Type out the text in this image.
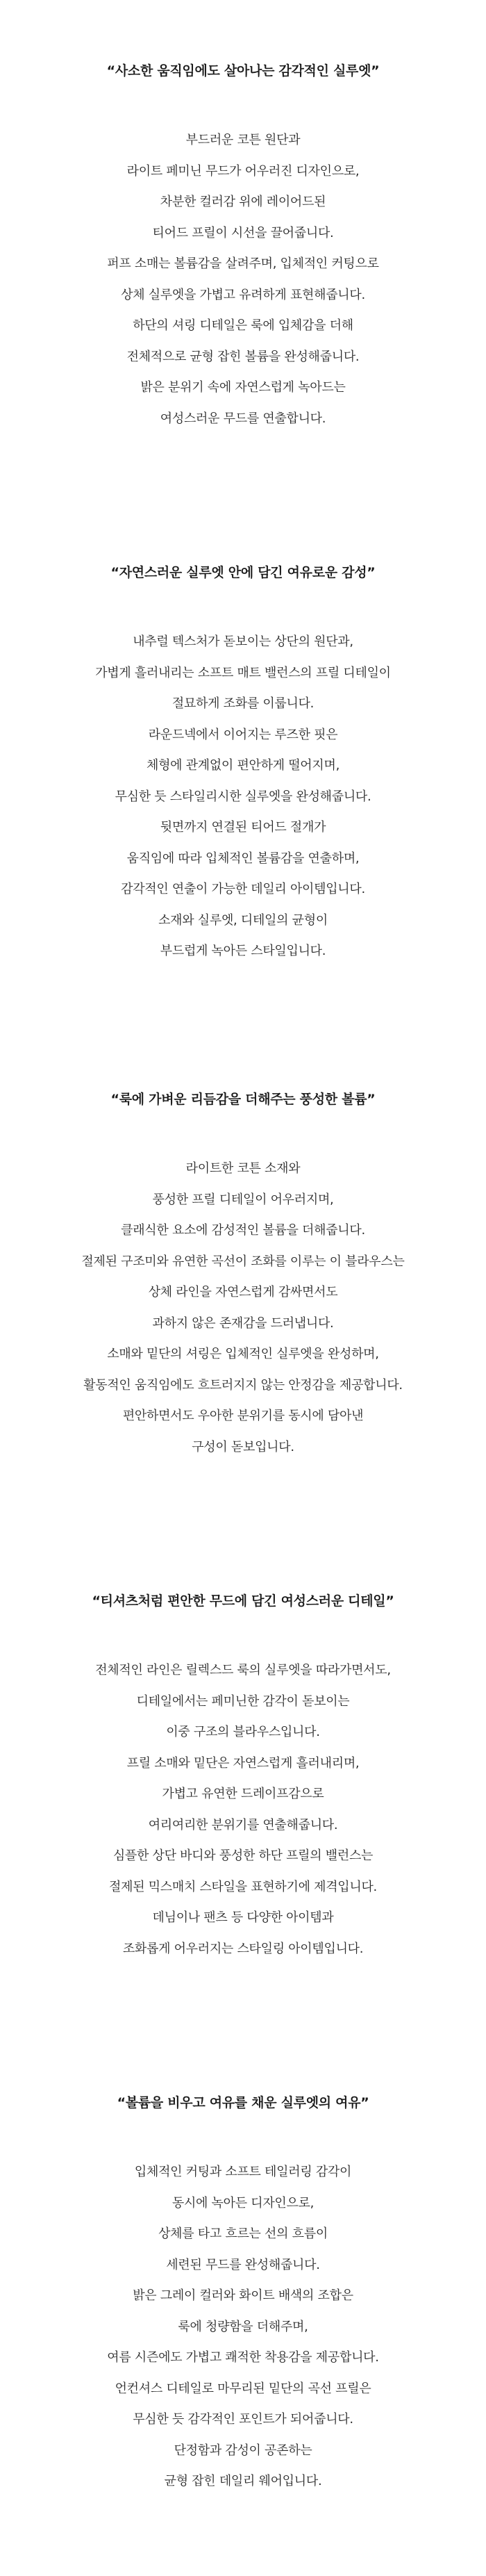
“사소한 움직임에도 살아나는 감각적인 실루엣”
부드러운 코튼 원단과
라이트 페미닌 무드가 어우러진 디자인으로,
차분한 컬러감 위에 레이어드된
티어드 프릴이 시선을 끌어줍니다.
퍼프 소매는 볼륨감을 살려주며, 입체적인 커팅으로
상체 실루엣을 가볍고 유려하게 표현해줍니다.
하단의 셔링 디테일은 룩에 입체감을 더해
전체적으로 균형 잡힌 볼륨을 완성해줍니다.
밝은 분위기 속에 자연스럽게 녹아드는
여성스러운 무드를 연출합니다.
“자연스러운 실루엣 안에 담긴 여유로운 감성”
내추럴 텍스처가 돋보이는 상단의 원단과,
가볍게 흘러내리는 소프트 매트 밸런스의 프릴 디테일이
절묘하게 조화를 이룹니다.
라운드넥에서 이어지는 루즈한 핏은
체형에 관계없이 편안하게 떨어지며,
무심한 듯 스타일리시한 실루엣을 완성해줍니다.
뒷면까지 연결된 티어드 절개가
움직임에 따라 입체적인 볼륨감을 연출하며,
감각적인 연출이 가능한 데일리 아이템입니다.
소재와 실루엣, 디테일의 균형이
부드럽게 녹아든 스타일입니다.
“룩에 가벼운 리듬감을 더해주는 풍성한 볼륨”
라이트한 코튼 소재와
풍성한 프릴 디테일이 어우러지며,
클래식한 요소에 감성적인 볼륨을 더해줍니다.
절제된 구조미와 유연한 곡선이 조화를 이루는 이 블라우스는
상체 라인을 자연스럽게 감싸면서도
과하지 않은 존재감을 드러냅니다.
소매와 밑단의 셔링은 입체적인 실루엣을 완성하며,
활동적인 움직임에도 흐트러지지 않는 안정감을 제공합니다.
편안하면서도 우아한 분위기를 동시에 담아낸
구성이 돋보입니다.
“티셔츠처럼 편안한 무드에 담긴 여성스러운 디테일”
전체적인 라인은 릴렉스드 룩의 실루엣을 따라가면서도,
디테일에서는 페미닌한 감각이 돋보이는
이중 구조의 블라우스입니다.
프릴 소매와 밑단은 자연스럽게 흘러내리며,
가볍고 유연한 드레이프감으로
여리여리한 분위기를 연출해줍니다.
심플한 상단 바디와 풍성한 하단 프릴의 밸런스는
절제된 믹스매치 스타일을 표현하기에 제격입니다.
데님이나 팬츠 등 다양한 아이템과
조화롭게 어우러지는 스타일링 아이템입니다.
“볼륨을 비우고 여유를 채운 실루엣의 여유”
입체적인 커팅과 소프트 테일러링 감각이
동시에 녹아든 디자인으로,
상체를 타고 흐르는 선의 흐름이
세련된 무드를 완성해줍니다.
밝은 그레이 컬러와 화이트 배색의 조합은
룩에 청량함을 더해주며,
여름 시즌에도 가볍고 쾌적한 착용감을 제공합니다.
언컨셔스 디테일로 마무리된 밑단의 곡선 프릴은
무심한 듯 감각적인 포인트가 되어줍니다.
단정함과 감성이 공존하는
균형 잡힌 데일리 웨어입니다.
